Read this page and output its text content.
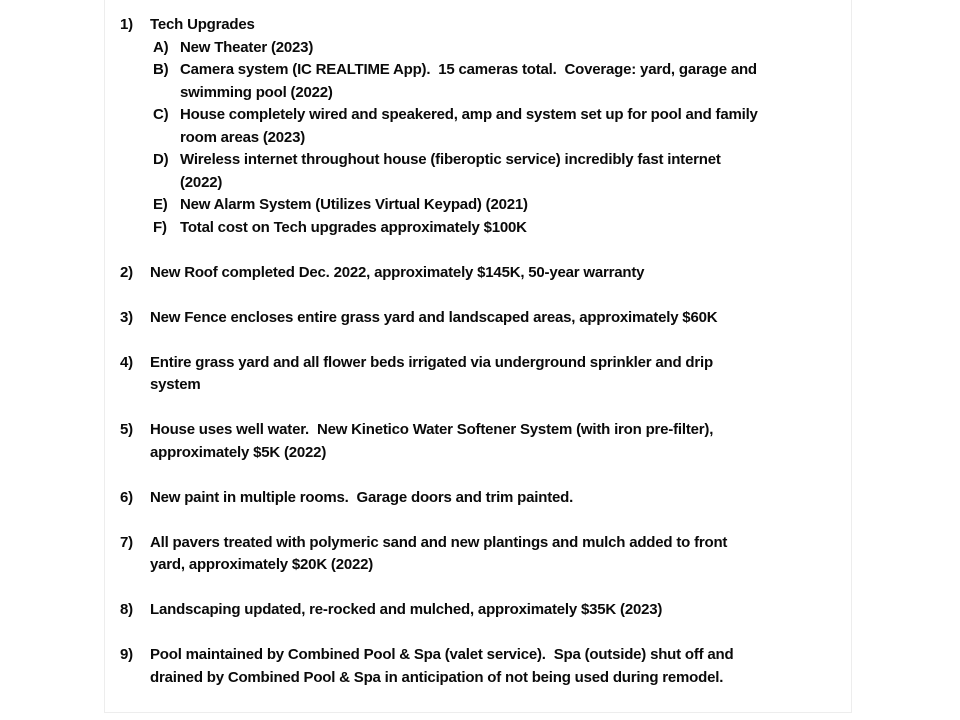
1)	Tech Upgrades
A) New Theater (2023)
B) Camera system (IC REALTIME App).  15 cameras total.  Coverage: yard, garage and
swimming pool (2022)
C) House completely wired and speakered, amp and system set up for pool and family
room areas (2023)
D) Wireless internet throughout house (fiberoptic service) incredibly fast internet
(2022)
E) New Alarm System (Utilizes Virtual Keypad) (2021)
F) Total cost on Tech upgrades approximately $100K
2)	New Roof completed Dec. 2022, approximately $145K, 50-year warranty
3)	New Fence encloses entire grass yard and landscaped areas, approximately $60K
4)	Entire grass yard and all flower beds irrigated via underground sprinkler and drip
system
5)	House uses well water.  New Kinetico Water Softener System (with iron pre-filter),
approximately $5K (2022)
6)	New paint in multiple rooms.  Garage doors and trim painted.
7)	All pavers treated with polymeric sand and new plantings and mulch added to front
yard, approximately $20K (2022)
8)	Landscaping updated, re-rocked and mulched, approximately $35K (2023)
9)	Pool maintained by Combined Pool & Spa (valet service).  Spa (outside) shut off and
drained by Combined Pool & Spa in anticipation of not being used during remodel.
